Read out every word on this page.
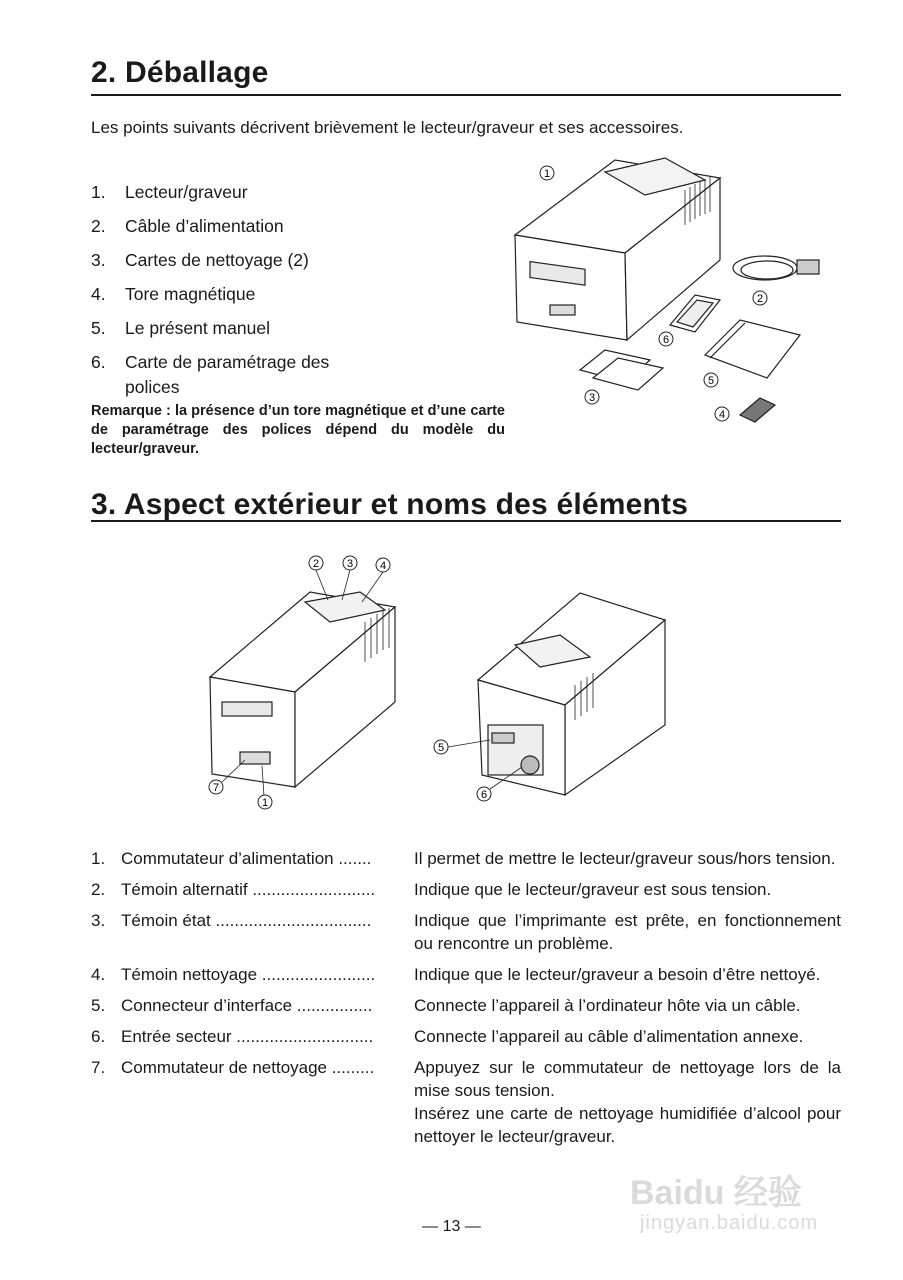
2. Déballage
Les points suivants décrivent brièvement le lecteur/graveur et ses accessoires.
1. Lecteur/graveur
2. Câble d’alimentation
3. Cartes de nettoyage (2)
4. Tore magnétique
5. Le présent manuel
6. Carte de paramétrage des polices
Remarque : la présence d’un tore magnétique et d’une carte de paramétrage des polices dépend du modèle du lecteur/graveur.
1
2
3
4
5
6
3. Aspect extérieur et noms des éléments
2	3 4
7
1
5
6
1.	Commutateur d’alimentation .......	Il permet de mettre le lecteur/graveur sous/hors tension.

2.	Témoin alternatif ..........................	Indique que le lecteur/graveur est sous tension.

3.	Témoin état .................................	Indique que l’imprimante est prête, en fonctionnement ou rencontre un problème.

4.	Témoin nettoyage ........................	Indique que le lecteur/graveur a besoin d’être nettoyé.

5.	Connecteur d’interface ................	Connecte l’appareil à l’ordinateur hôte via un câble.

6.	Entrée secteur .............................	Connecte l’appareil au câble d’alimentation annexe.

7.	Commutateur de nettoyage .........	Appuyez sur le commutateur de nettoyage lors de la mise sous tension.
Insérez une carte de nettoyage humidifiée d’alcool pour nettoyer le lecteur/graveur.
— 13 —
Baidu 经验
jingyan.baidu.com
